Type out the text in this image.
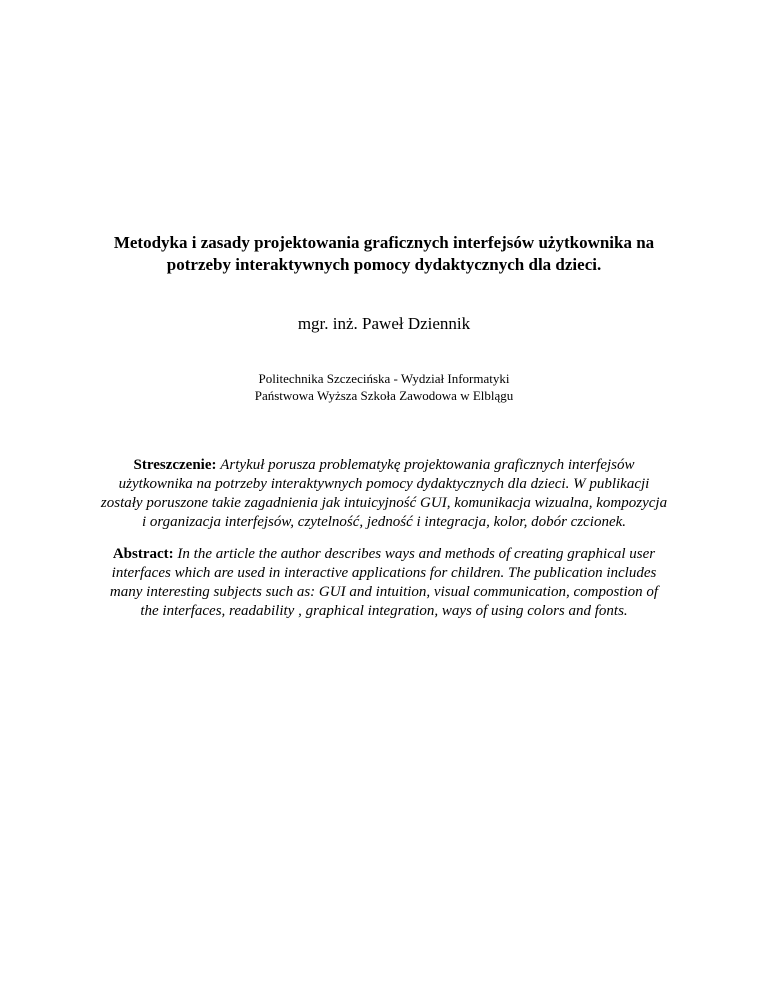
Metodyka i zasady projektowania graficznych interfejsów użytkownika na
potrzeby interaktywnych pomocy dydaktycznych dla dzieci.
mgr. inż. Paweł Dziennik
Politechnika Szczecińska - Wydział Informatyki
Państwowa Wyższa Szkoła Zawodowa w Elblągu
Streszczenie: Artykuł porusza problematykę projektowania graficznych interfejsów
użytkownika na potrzeby interaktywnych pomocy dydaktycznych dla dzieci. W publikacji
zostały poruszone takie zagadnienia jak intuicyjność GUI, komunikacja wizualna, kompozycja
i organizacja interfejsów, czytelność, jedność i integracja, kolor, dobór czcionek.
Abstract: In the article the author describes ways and methods of creating graphical user
interfaces which are used in interactive applications for children. The publication includes
many interesting subjects such as: GUI and intuition, visual communication, compostion of
the interfaces, readability , graphical integration, ways of using colors and fonts.
